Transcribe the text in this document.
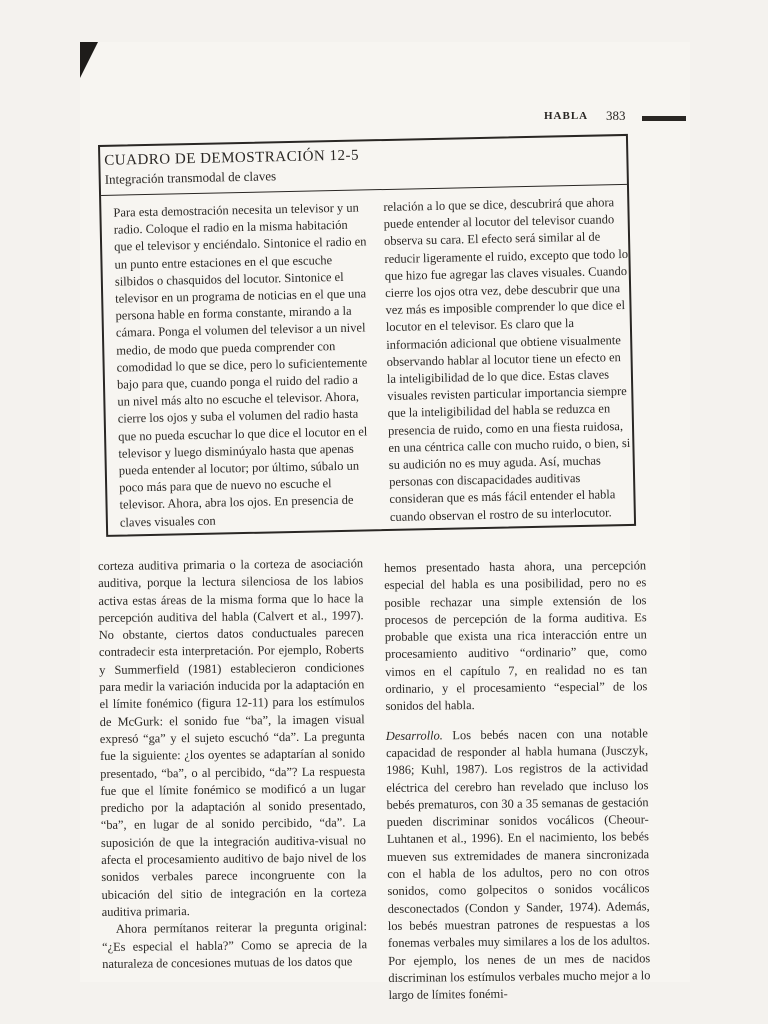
HABLA 383
CUADRO DE DEMOSTRACIÓN 12-5
Integración transmodal de claves

Para esta demostración necesita un televisor y un radio. Coloque el radio en la misma habitación que el televisor y enciéndalo. Sintonice el radio en un punto entre estaciones en el que escuche silbidos o chasquidos del locutor. Sintonice el televisor en un programa de noticias en el que una persona hable en forma constante, mirando a la cámara. Ponga el volumen del televisor a un nivel medio, de modo que pueda comprender con comodidad lo que se dice, pero lo suficientemente bajo para que, cuando ponga el ruido del radio a un nivel más alto no escuche el televisor. Ahora, cierre los ojos y suba el volumen del radio hasta que no pueda escuchar lo que dice el locutor en el televisor y luego disminúyalo hasta que apenas pueda entender al locutor; por último, súbalo un poco más para que de nuevo no escuche el televisor. Ahora, abra los ojos. En presencia de claves visuales con

relación a lo que se dice, descubrirá que ahora puede entender al locutor del televisor cuando observa su cara. El efecto será similar al de reducir ligeramente el ruido, excepto que todo lo que hizo fue agregar las claves visuales. Cuando cierre los ojos otra vez, debe descubrir que una vez más es imposible comprender lo que dice el locutor en el televisor. Es claro que la información adicional que obtiene visualmente observando hablar al locutor tiene un efecto en la inteligibilidad de lo que dice. Estas claves visuales revisten particular importancia siempre que la inteligibilidad del habla se reduzca en presencia de ruido, como en una fiesta ruidosa, en una céntrica calle con mucho ruido, o bien, si su audición no es muy aguda. Así, muchas personas con discapacidades auditivas consideran que es más fácil entender el habla cuando observan el rostro de su interlocutor.

corteza auditiva primaria o la corteza de asociación auditiva, porque la lectura silenciosa de los labios activa estas áreas de la misma forma que lo hace la percepción auditiva del habla (Calvert et al., 1997). No obstante, ciertos datos conductuales parecen contradecir esta interpretación. Por ejemplo, Roberts y Summerfield (1981) establecieron condiciones para medir la variación inducida por la adaptación en el límite fonémico (figura 12-11) para los estímulos de McGurk: el sonido fue “ba”, la imagen visual expresó “ga” y el sujeto escuchó “da”. La pregunta fue la siguiente: ¿los oyentes se adaptarían al sonido presentado, “ba”, o al percibido, “da”? La respuesta fue que el límite fonémico se modificó a un lugar predicho por la adaptación al sonido presentado, “ba”, en lugar de al sonido percibido, “da”. La suposición de que la integración auditiva-visual no afecta el procesamiento auditivo de bajo nivel de los sonidos verbales parece incongruente con la ubicación del sitio de integración en la corteza auditiva primaria.

Ahora permítanos reiterar la pregunta original: “¿Es especial el habla?” Como se aprecia de la naturaleza de concesiones mutuas de los datos que

hemos presentado hasta ahora, una percepción especial del habla es una posibilidad, pero no es posible rechazar una simple extensión de los procesos de percepción de la forma auditiva. Es probable que exista una rica interacción entre un procesamiento auditivo “ordinario” que, como vimos en el capítulo 7, en realidad no es tan ordinario, y el procesamiento “especial” de los sonidos del habla.

Desarrollo. Los bebés nacen con una notable capacidad de responder al habla humana (Jusczyk, 1986; Kuhl, 1987). Los registros de la actividad eléctrica del cerebro han revelado que incluso los bebés prematuros, con 30 a 35 semanas de gestación pueden discriminar sonidos vocálicos (Cheour-Luhtanen et al., 1996). En el nacimiento, los bebés mueven sus extremidades de manera sincronizada con el habla de los adultos, pero no con otros sonidos, como golpecitos o sonidos vocálicos desconectados (Condon y Sander, 1974). Además, los bebés muestran patrones de respuestas a los fonemas verbales muy similares a los de los adultos. Por ejemplo, los nenes de un mes de nacidos discriminan los estímulos verbales mucho mejor a lo largo de límites fonémi-
